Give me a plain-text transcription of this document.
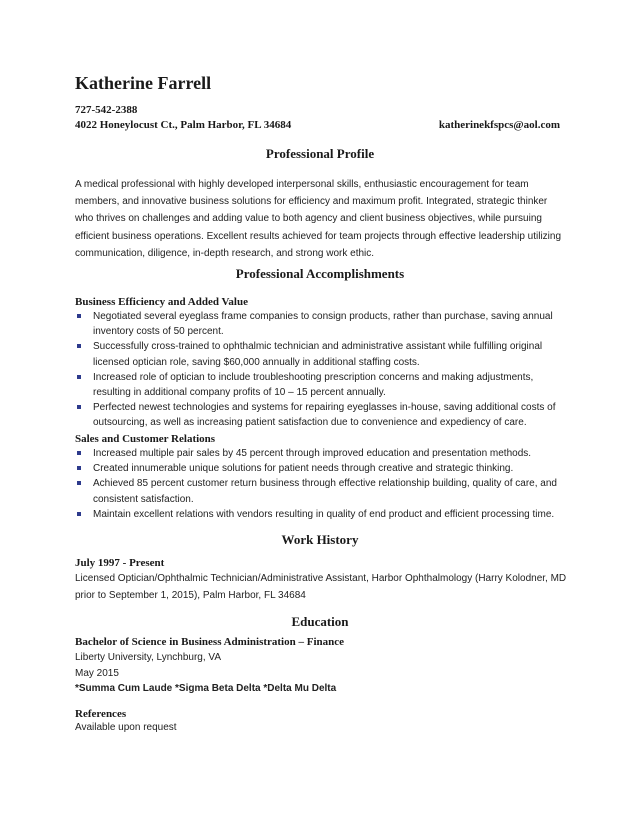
Katherine Farrell
727-542-2388
4022 Honeylocust Ct., Palm Harbor, FL 34684	katherinekfspcs@aol.com
Professional Profile
A medical professional with highly developed interpersonal skills, enthusiastic encouragement for team members, and innovative business solutions for efficiency and maximum profit. Integrated, strategic thinker who thrives on challenges and adding value to both agency and client business objectives, while pursuing efficient business operations. Excellent results achieved for team projects through effective leadership utilizing communication, diligence, in-depth research, and strong work ethic.
Professional Accomplishments
Business Efficiency and Added Value
Negotiated several eyeglass frame companies to consign products, rather than purchase, saving annual inventory costs of 50 percent.
Successfully cross-trained to ophthalmic technician and administrative assistant while fulfilling original licensed optician role, saving $60,000 annually in additional staffing costs.
Increased role of optician to include troubleshooting prescription concerns and making adjustments, resulting in additional company profits of 10 – 15 percent annually.
Perfected newest technologies and systems for repairing eyeglasses in-house, saving additional costs of outsourcing, as well as increasing patient satisfaction due to convenience and expediency of care.
Sales and Customer Relations
Increased multiple pair sales by 45 percent through improved education and presentation methods.
Created innumerable unique solutions for patient needs through creative and strategic thinking.
Achieved 85 percent customer return business through effective relationship building, quality of care, and consistent satisfaction.
Maintain excellent relations with vendors resulting in quality of end product and efficient processing time.
Work History
July 1997 - Present
Licensed Optician/Ophthalmic Technician/Administrative Assistant, Harbor Ophthalmology (Harry Kolodner, MD
prior to September 1, 2015), Palm Harbor, FL 34684
Education
Bachelor of Science in Business Administration – Finance
Liberty University, Lynchburg, VA
May 2015
*Summa Cum Laude *Sigma Beta Delta *Delta Mu Delta
References
Available upon request
